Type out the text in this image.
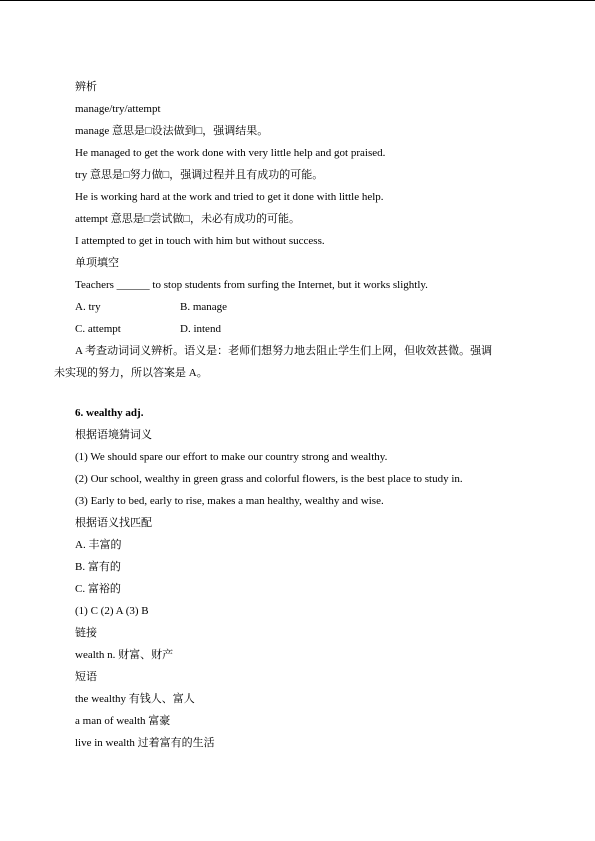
辨析
manage/try/attempt
manage 意思是□设法做到□，强调结果。
He managed to get the work done with very little help and got praised.
try 意思是□努力做□，强调过程并且有成功的可能。
He is working hard at the work and tried to get it done with little help.
attempt 意思是□尝试做□，未必有成功的可能。
I attempted to get in touch with him but without success.
单项填空
Teachers ______ to stop students from surfing the Internet, but it works slightly.
A. try	B. manage
C. attempt	D. intend
A 考查动词词义辨析。语义是：老师们想努力地去阻止学生们上网，但收效甚微。强调
未实现的努力，所以答案是 A。
6. wealthy adj.
根据语境猜词义
(1) We should spare our effort to make our country strong and wealthy.
(2) Our school, wealthy in green grass and colorful flowers, is the best place to study in.
(3) Early to bed, early to rise, makes a man healthy, wealthy and wise.
根据语义找匹配
A. 丰富的
B. 富有的
C. 富裕的
(1) C (2) A (3) B
链接
wealth n. 财富、财产
短语
the wealthy 有钱人、富人
a man of wealth 富豪
live in wealth 过着富有的生活
